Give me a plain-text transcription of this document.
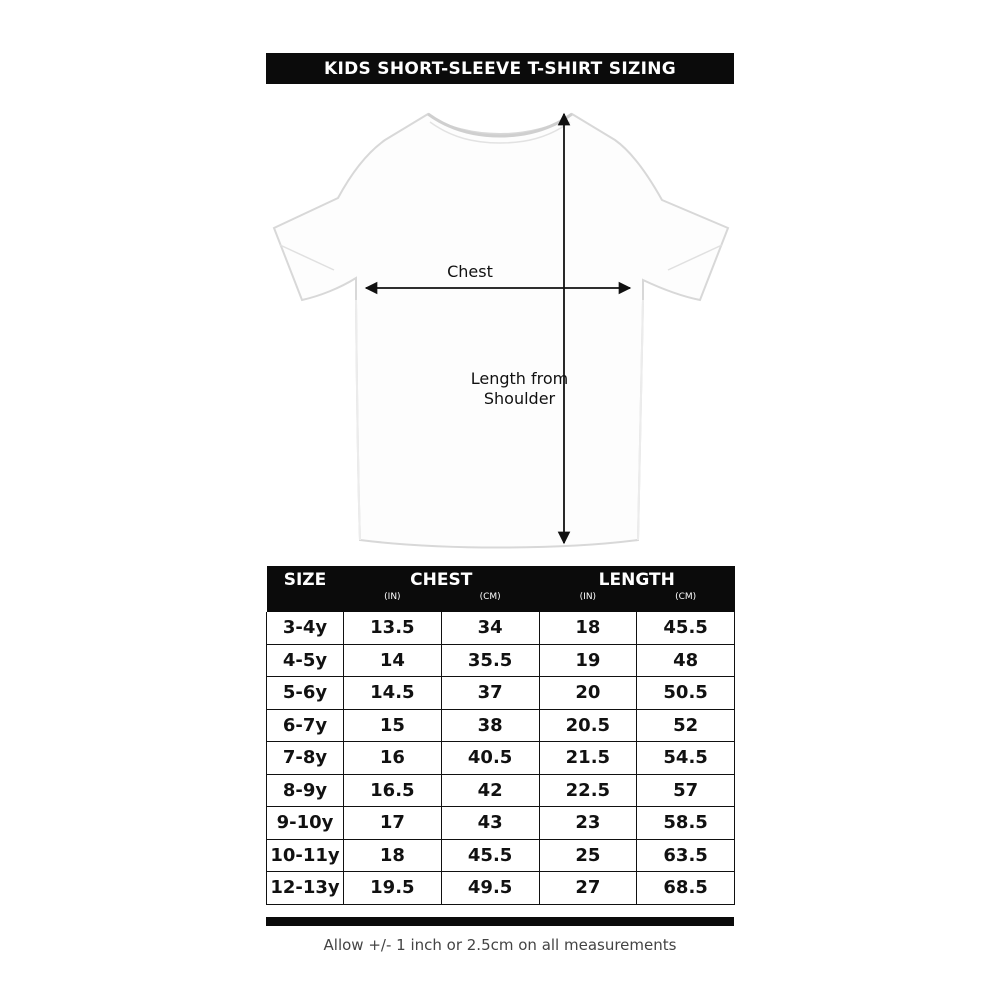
KIDS SHORT-SLEEVE T-SHIRT SIZING
Chest
Length from Shoulder
SIZE	CHEST		LENGTH	
	(IN)	(CM)	(IN)	(CM)
3-4y	13.5	34	18	45.5
4-5y	14	35.5	19	48
5-6y	14.5	37	20	50.5
6-7y	15	38	20.5	52
7-8y	16	40.5	21.5	54.5
8-9y	16.5	42	22.5	57
9-10y	17	43	23	58.5
10-11y	18	45.5	25	63.5
12-13y	19.5	49.5	27	68.5
Allow +/- 1 inch or 2.5cm on all measurements
